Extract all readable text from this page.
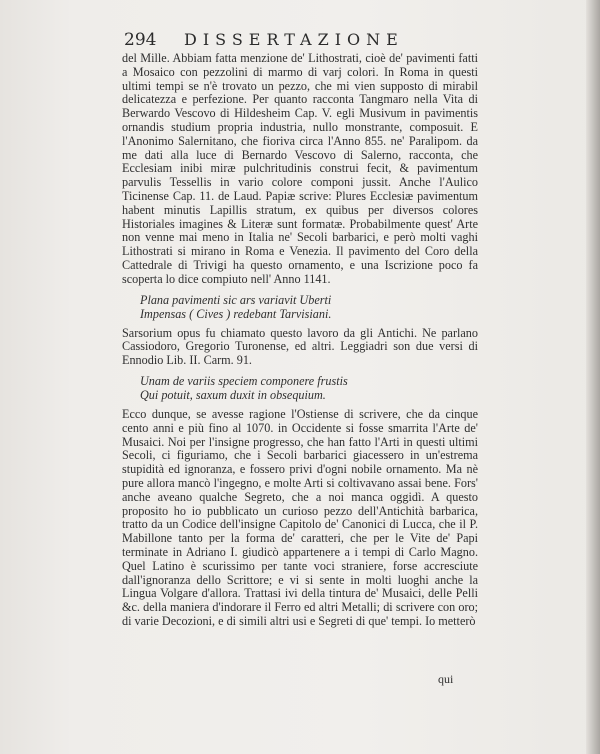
294 DISSERTAZIONE

del Mille. Abbiam fatta menzione de' Lithostrati, cioè de' pavimenti fatti a Mosaico con pezzolini di marmo di varj colori. In Roma in questi ultimi tempi se n'è trovato un pezzo, che mi vien supposto di mirabil delicatezza e perfezione. Per quanto racconta Tangmaro nella Vita di Berwardo Vescovo di Hildesheim Cap. V. egli Musivum in pavimentis ornandis studium propria industria, nullo monstrante, composuit. E l'Anonimo Salernitano, che fioriva circa l'Anno 855. ne' Paralipom. da me dati alla luce di Bernardo Vescovo di Salerno, racconta, che Ecclesiam inibi miræ pulchritudinis construi fecit, & pavimentum parvulis Tessellis in vario colore componi jussit. Anche l'Aulico Ticinense Cap. 11. de Laud. Papiæ scrive: Plures Ecclesiæ pavimentum habent minutis Lapillis stratum, ex quibus per diversos colores Historiales imagines & Literæ sunt formatæ. Probabilmente quest' Arte non venne mai meno in Italia ne' Secoli barbarici, e però molti vaghi Lithostrati si mirano in Roma e Venezia. Il pavimento del Coro della Cattedrale di Trivigi ha questo ornamento, e una Iscrizione poco fa scoperta lo dice compiuto nell' Anno 1141.

Plana pavimenti sic ars variavit Uberti
Impensas ( Cives ) redebant Tarvisiani.

Sarsorium opus fu chiamato questo lavoro da gli Antichi. Ne parlano Cassiodoro, Gregorio Turonense, ed altri. Leggiadri son due versi di Ennodio Lib. II. Carm. 91.

Unam de variis speciem componere frustis
Qui potuit, saxum duxit in obsequium.

Ecco dunque, se avesse ragione l'Ostiense di scrivere, che da cinque cento anni e più fino al 1070. in Occidente si fosse smarrita l'Arte de' Musaici. Noi per l'insigne progresso, che han fatto l'Arti in questi ultimi Secoli, ci figuriamo, che i Secoli barbarici giacessero in un'estrema stupidità ed ignoranza, e fossero privi d'ogni nobile ornamento. Ma nè pure allora mancò l'ingegno, e molte Arti si coltivavano assai bene. Fors' anche aveano qualche Segreto, che a noi manca oggidì. A questo proposito ho io pubblicato un curioso pezzo dell'Antichità barbarica, tratto da un Codice dell'insigne Capitolo de' Canonici di Lucca, che il P. Mabillone tanto per la forma de' caratteri, che per le Vite de' Papi terminate in Adriano I. giudicò appartenere a i tempi di Carlo Magno. Quel Latino è scurissimo per tante voci straniere, forse accresciute dall'ignoranza dello Scrittore; e vi si sente in molti luoghi anche la Lingua Volgare d'allora. Trattasi ivi della tintura de' Musaici, delle Pelli &c. della maniera d'indorare il Ferro ed altri Metalli; di scrivere con oro; di varie Decozioni, e di simili altri usi e Segreti di que' tempi. Io metterò

qui
